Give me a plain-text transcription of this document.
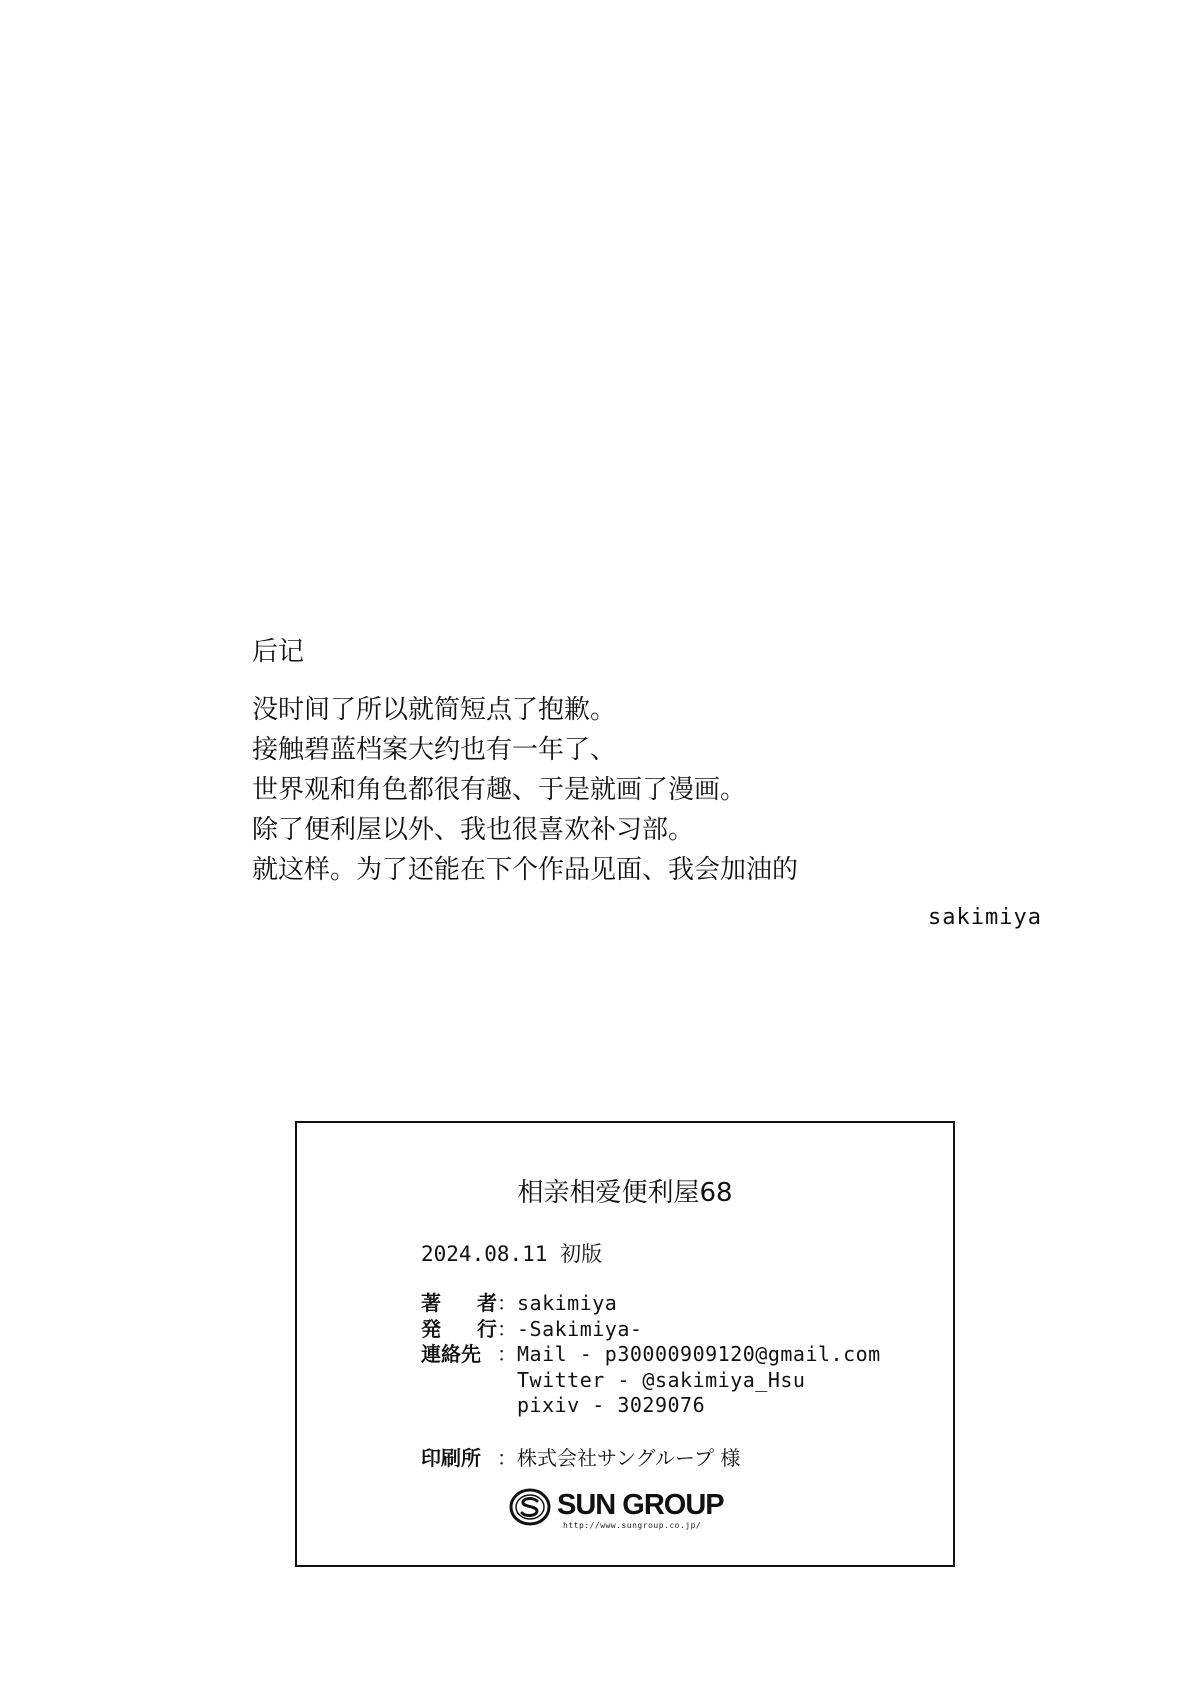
后记
没时间了所以就简短点了抱歉。
接触碧蓝档案大约也有一年了、
世界观和角色都很有趣、于是就画了漫画。
除了便利屋以外、我也很喜欢补习部。
就这样。为了还能在下个作品见面、我会加油的
sakimiya
相亲相爱便利屋68
2024.08.11 初版
著 者 ： sakimiya
発 行 ： -Sakimiya-
連絡先 ： Mail - p30000909120@gmail.com
Twitter - @sakimiya_Hsu
pixiv - 3029076
印刷所 ： 株式会社サングループ 様
SUN GROUP
http://www.sungroup.co.jp/
